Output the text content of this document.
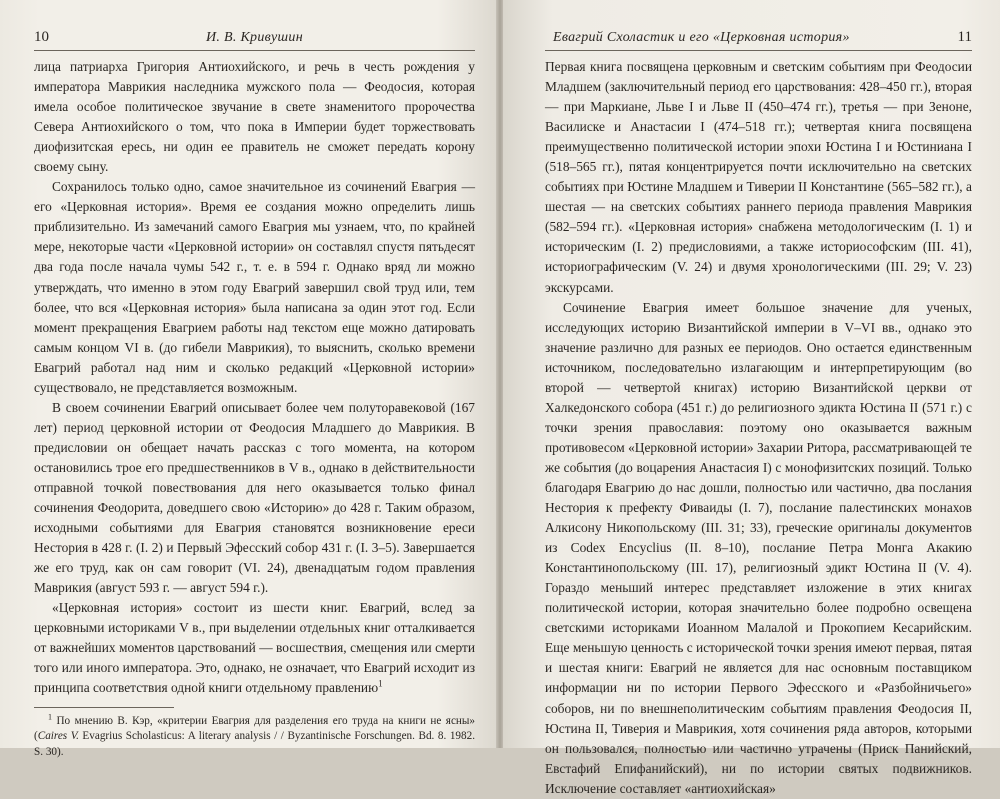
10	И. В. Кривушин

лица патриарха Григория Антиохийского, и речь в честь рождения у императора Маврикия наследника мужского пола — Феодосия, которая имела особое политическое звучание в свете знаменитого пророчества Севера Антиохийского о том, что пока в Империи будет торжествовать диофизитская ересь, ни один ее правитель не сможет передать корону своему сыну.

Сохранилось только одно, самое значительное из сочинений Евагрия — его «Церковная история». Время ее создания можно определить лишь приблизительно. Из замечаний самого Евагрия мы узнаем, что, по крайней мере, некоторые части «Церковной истории» он составлял спустя пятьдесят два года после начала чумы 542 г., т. е. в 594 г. Однако вряд ли можно утверждать, что именно в этом году Евагрий завершил свой труд или, тем более, что вся «Церковная история» была написана за один этот год. Если момент прекращения Евагрием работы над текстом еще можно датировать самым концом VI в. (до гибели Маврикия), то выяснить, сколько времени Евагрий работал над ним и сколько редакций «Церковной истории» существовало, не представляется возможным.

В своем сочинении Евагрий описывает более чем полуторавековой (167 лет) период церковной истории от Феодосия Младшего до Маврикия. В предисловии он обещает начать рассказ с того момента, на котором остановились трое его предшественников в V в., однако в действительности отправной точкой повествования для него оказывается только финал сочинения Феодорита, доведшего свою «Историю» до 428 г. Таким образом, исходными событиями для Евагрия становятся возникновение ереси Нестория в 428 г. (I. 2) и Первый Эфесский собор 431 г. (I. 3–5). Завершается же его труд, как он сам говорит (VI. 24), двенадцатым годом правления Маврикия (август 593 г. — август 594 г.).

«Церковная история» состоит из шести книг. Евагрий, вслед за церковными историками V в., при выделении отдельных книг отталкивается от важнейших моментов царствований — восшествия, смещения или смерти того или иного императора. Это, однако, не означает, что Евагрий исходит из принципа соответствия одной книги отдельному правлению$^1$

$^1$ По мнению В. Кэр, «критерии Евагрия для разделения его труда на книги не ясны» (Caires V. Evagrius Scholasticus: A literary analysis / / Byzantinische Forschungen. Bd. 8. 1982. S. 30).

Евагрий Схоластик и его «Церковная история»	11

Первая книга посвящена церковным и светским событиям при Феодосии Младшем (заключительный период его царствования: 428–450 гг.), вторая — при Маркиане, Льве I и Льве II (450–474 гг.), третья — при Зеноне, Василиске и Анастасии I (474–518 гг.); четвертая книга посвящена преимущественно политической истории эпохи Юстина I и Юстиниана I (518–565 гг.), пятая концентрируется почти исключительно на светских событиях при Юстине Младшем и Тиверии II Константине (565–582 гг.), а шестая — на светских событиях раннего периода правления Маврикия (582–594 гг.). «Церковная история» снабжена методологическим (I. 1) и историческим (I. 2) предисловиями, а также историософским (III. 41), историографическим (V. 24) и двумя хронологическими (III. 29; V. 23) экскурсами.

Сочинение Евагрия имеет большое значение для ученых, исследующих историю Византийской империи в V–VI вв., однако это значение различно для разных ее периодов. Оно остается единственным источником, последовательно излагающим и интерпретирующим (во второй — четвертой книгах) историю Византийской церкви от Халкедонского собора (451 г.) до религиозного эдикта Юстина II (571 г.) с точки зрения православия: поэтому оно оказывается важным противовесом «Церковной истории» Захарии Ритора, рассматривающей те же события (до воцарения Анастасия I) с монофизитских позиций. Только благодаря Евагрию до нас дошли, полностью или частично, два послания Нестория к префекту Фиваиды (I. 7), послание палестинских монахов Алкисону Никопольскому (III. 31; 33), греческие оригиналы документов из Codex Encyclius (II. 8–10), послание Петра Монга Акакию Константинопольскому (III. 17), религиозный эдикт Юстина II (V. 4). Гораздо меньший интерес представляет изложение в этих книгах политической истории, которая значительно более подробно освещена светскими историками Иоанном Малалой и Прокопием Кесарийским. Еще меньшую ценность с исторической точки зрения имеют первая, пятая и шестая книги: Евагрий не является для нас основным поставщиком информации ни по истории Первого Эфесского и «Разбойничьего» соборов, ни по внешнеполитическим событиям правления Феодосия II, Юстина II, Тиверия и Маврикия, хотя сочинения ряда авторов, которыми он пользовался, полностью или частично утрачены (Приск Панийский, Евстафий Епифанийский), ни по истории святых подвижников. Исключение составляет «антиохийская»
